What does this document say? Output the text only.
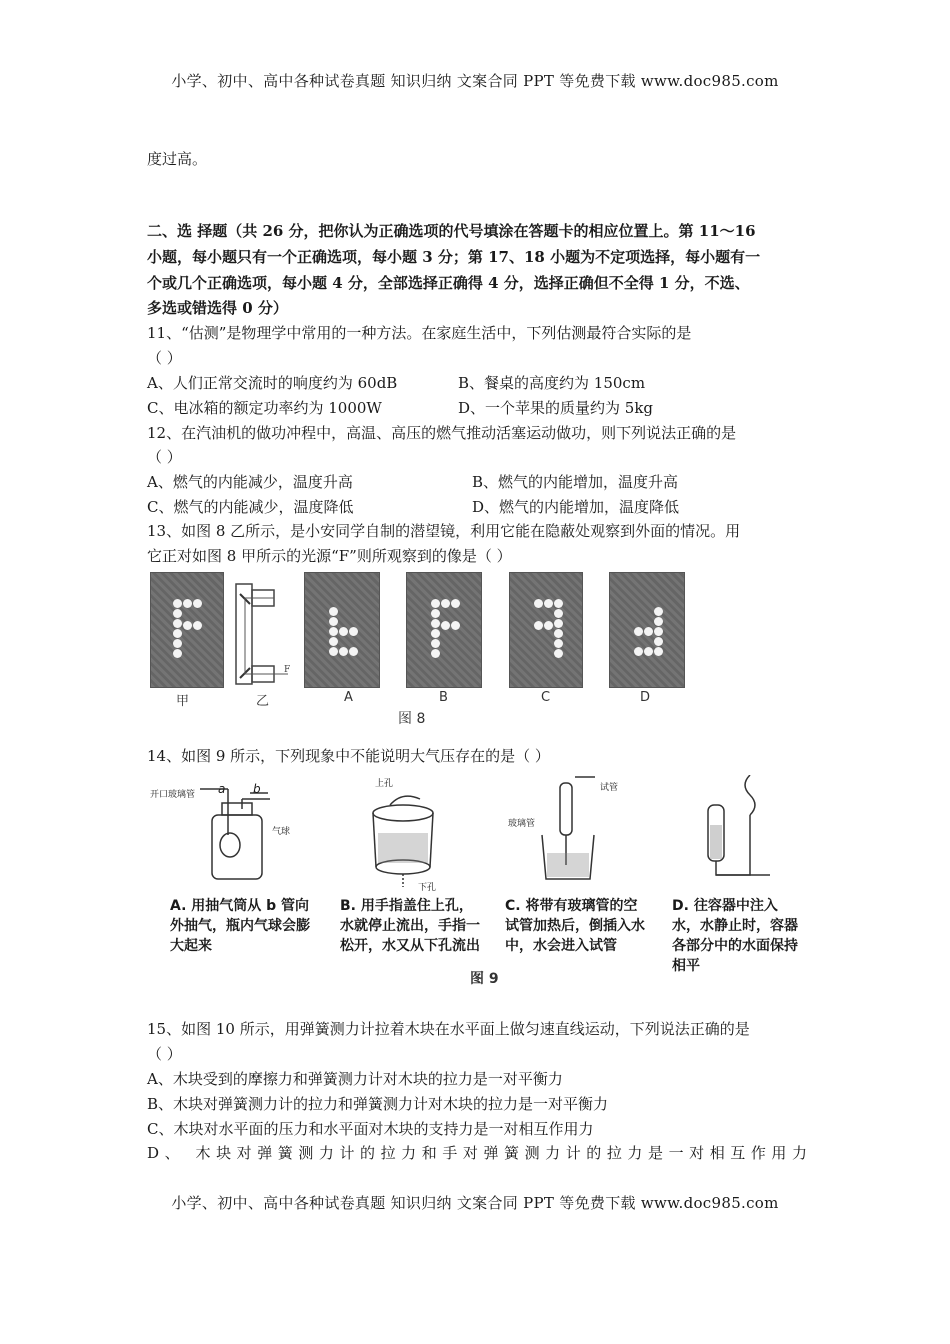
小学、初中、高中各种试卷真题 知识归纳 文案合同 PPT 等免费下载 www.doc985.com
度过高。
二、选 择题（共 26 分，把你认为正确选项的代号填涂在答题卡的相应位置上。第 11～16
小题，每小题只有一个正确选项，每小题 3 分；第 17、18 小题为不定项选择，每小题有一
个或几个正确选项，每小题 4 分，全部选择正确得 4 分，选择正确但不全得 1 分，不选、
多选或错选得 0 分）
11、“估测”是物理学中常用的一种方法。在家庭生活中，下列估测最符合实际的是
（ ）
A、人们正常交流时的响度约为 60dB	B、餐桌的高度约为 150cm
C、电冰箱的额定功率约为 1000W	D、一个苹果的质量约为 5kg
12、在汽油机的做功冲程中，高温、高压的燃气推动活塞运动做功，则下列说法正确的是
（ ）
A、燃气的内能减少，温度升高	B、燃气的内能增加，温度升高
C、燃气的内能减少，温度降低	D、燃气的内能增加，温度降低
13、如图 8 乙所示，是小安同学自制的潜望镜，利用它能在隐蔽处观察到外面的情况。用
它正对如图 8 甲所示的光源“F”则所观察到的像是（ ）
F
甲	乙	A	B	C	D
图 8
14、如图 9 所示，下列现象中不能说明大气压存在的是（ ）
开口玻璃管 a b
气球
上孔
下孔
玻璃管
试管
A. 用抽气筒从 b 管向外抽气，瓶内气球会膨大起来
B. 用手指盖住上孔，水就停止流出，手指一松开，水又从下孔流出
C. 将带有玻璃管的空试管加热后，倒插入水中，水会进入试管
D. 往容器中注入水，水静止时，容器各部分中的水面保持相平
图 9
15、如图 10 所示，用弹簧测力计拉着木块在水平面上做匀速直线运动，下列说法正确的是
（ ）
A、木块受到的摩擦力和弹簧测力计对木块的拉力是一对平衡力
B、木块对弹簧测力计的拉力和弹簧测力计对木块的拉力是一对平衡力
C、木块对水平面的压力和水平面对木块的支持力是一对相互作用力
D、 木块对弹簧测力计的拉力和手对弹簧测力计的拉力是一对相互作用力
小学、初中、高中各种试卷真题 知识归纳 文案合同 PPT 等免费下载 www.doc985.com
